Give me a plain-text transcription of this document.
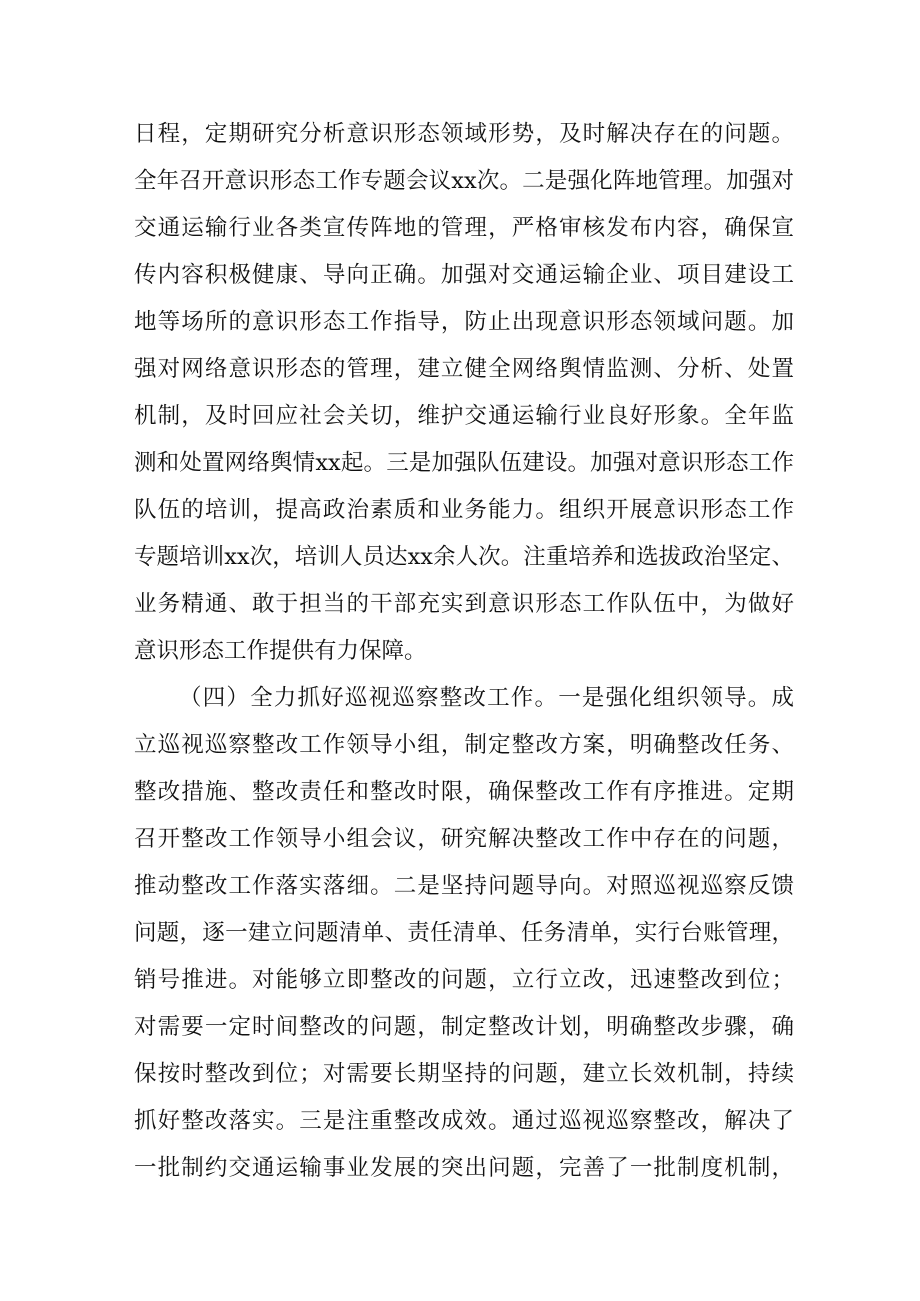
日程，定期研究分析意识形态领域形势，及时解决存在的问题。
全年召开意识形态工作专题会议xx次。二是强化阵地管理。加强对
交通运输行业各类宣传阵地的管理，严格审核发布内容，确保宣
传内容积极健康、导向正确。加强对交通运输企业、项目建设工
地等场所的意识形态工作指导，防止出现意识形态领域问题。加
强对网络意识形态的管理，建立健全网络舆情监测、分析、处置
机制，及时回应社会关切，维护交通运输行业良好形象。全年监
测和处置网络舆情xx起。三是加强队伍建设。加强对意识形态工作
队伍的培训，提高政治素质和业务能力。组织开展意识形态工作
专题培训xx次，培训人员达xx余人次。注重培养和选拔政治坚定、
业务精通、敢于担当的干部充实到意识形态工作队伍中，为做好
意识形态工作提供有力保障。
（四）全力抓好巡视巡察整改工作。一是强化组织领导。成
立巡视巡察整改工作领导小组，制定整改方案，明确整改任务、
整改措施、整改责任和整改时限，确保整改工作有序推进。定期
召开整改工作领导小组会议，研究解决整改工作中存在的问题，
推动整改工作落实落细。二是坚持问题导向。对照巡视巡察反馈
问题，逐一建立问题清单、责任清单、任务清单，实行台账管理，
销号推进。对能够立即整改的问题，立行立改，迅速整改到位；
对需要一定时间整改的问题，制定整改计划，明确整改步骤，确
保按时整改到位；对需要长期坚持的问题，建立长效机制，持续
抓好整改落实。三是注重整改成效。通过巡视巡察整改，解决了
一批制约交通运输事业发展的突出问题，完善了一批制度机制，
